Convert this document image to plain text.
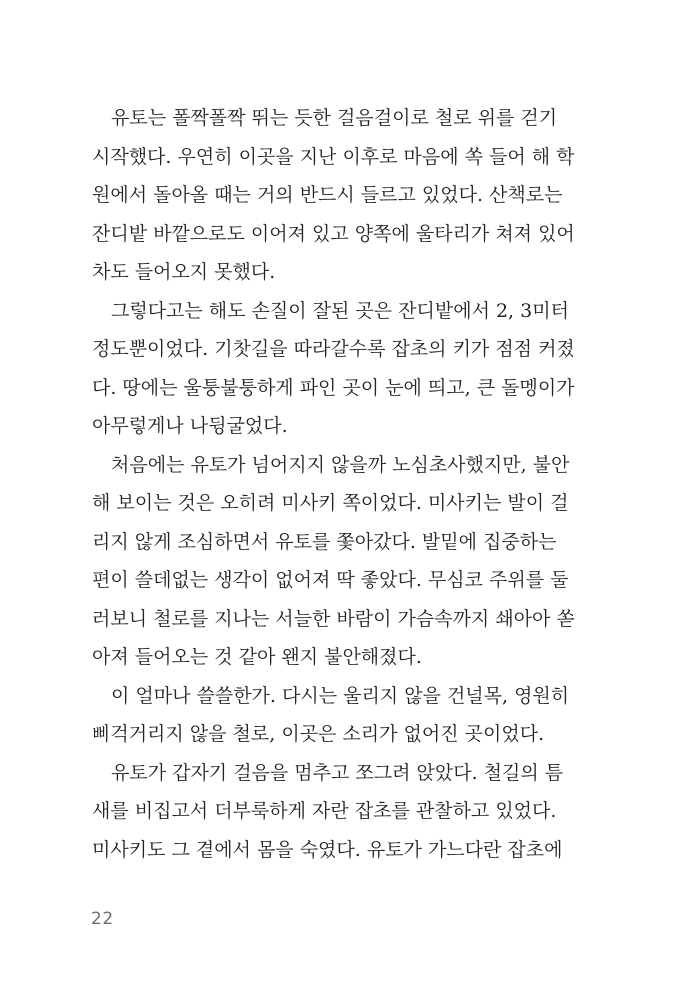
유토는 폴짝폴짝 뛰는 듯한 걸음걸이로 철로 위를 걷기
시작했다. 우연히 이곳을 지난 이후로 마음에 쏙 들어 해 학
원에서 돌아올 때는 거의 반드시 들르고 있었다. 산책로는
잔디밭 바깥으로도 이어져 있고 양쪽에 울타리가 쳐져 있어
차도 들어오지 못했다.
그렇다고는 해도 손질이 잘된 곳은 잔디밭에서 2, 3미터
정도뿐이었다. 기찻길을 따라갈수록 잡초의 키가 점점 커졌
다. 땅에는 울퉁불퉁하게 파인 곳이 눈에 띄고, 큰 돌멩이가
아무렇게나 나뒹굴었다.
처음에는 유토가 넘어지지 않을까 노심초사했지만, 불안
해 보이는 것은 오히려 미사키 쪽이었다. 미사키는 발이 걸
리지 않게 조심하면서 유토를 쫓아갔다. 발밑에 집중하는
편이 쓸데없는 생각이 없어져 딱 좋았다. 무심코 주위를 둘
러보니 철로를 지나는 서늘한 바람이 가슴속까지 쇄아아 쏟
아져 들어오는 것 같아 왠지 불안해졌다.
이 얼마나 쓸쓸한가. 다시는 울리지 않을 건널목, 영원히
삐걱거리지 않을 철로, 이곳은 소리가 없어진 곳이었다.
유토가 갑자기 걸음을 멈추고 쪼그려 앉았다. 철길의 틈
새를 비집고서 더부룩하게 자란 잡초를 관찰하고 있었다.
미사키도 그 곁에서 몸을 숙였다. 유토가 가느다란 잡초에
22
